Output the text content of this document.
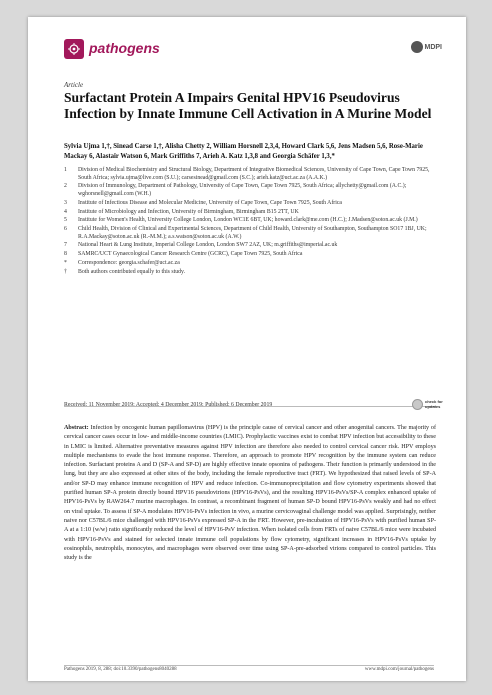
pathogens	MDPI
Article
Surfactant Protein A Impairs Genital HPV16 Pseudovirus Infection by Innate Immune Cell Activation in A Murine Model
Sylvia Ujma 1,†, Sinead Carse 1,†, Alisha Chetty 2, William Horsnell 2,3,4, Howard Clark 5,6, Jens Madsen 5,6, Rose-Marie Mackay 6, Alastair Watson 6, Mark Griffiths 7, Arieh A. Katz 1,3,8 and Georgia Schäfer 1,3,*
1 Division of Medical Biochemistry and Structural Biology, Department of Integrative Biomedical Sciences, University of Cape Town, Cape Town 7925, South Africa; sylvia.ujma@live.com (S.U.); carsesinead@gmail.com (S.C.); arieh.katz@uct.ac.za (A.A.K.)
2 Division of Immunology, Department of Pathology, University of Cape Town, Cape Town 7925, South Africa; allychetty@gmail.com (A.C.); wghorsnell@gmail.com (W.H.)
3 Institute of Infectious Disease and Molecular Medicine, University of Cape Town, Cape Town 7925, South Africa
4 Institute of Microbiology and Infection, University of Birmingham, Birmingham B15 2TT, UK
5 Institute for Women's Health, University College London, London WC1E 6BT, UK; howard.clark@me.com (H.C.); J.Madsen@soton.ac.uk (J.M.)
6 Child Health, Division of Clinical and Experimental Sciences, Department of Child Health, University of Southampton, Southampton SO17 1BJ, UK; R.A.Mackay@soton.ac.uk (R.-M.M.); a.s.watson@soton.ac.uk (A.W.)
7 National Heart & Lung Institute, Imperial College London, London SW7 2AZ, UK; m.griffiths@imperial.ac.uk
8 SAMRC/UCT Gynaecological Cancer Research Centre (GCRC), Cape Town 7925, South Africa
* Correspondence: georgia.schafer@uct.ac.za
† Both authors contributed equally to this study.
Received: 11 November 2019; Accepted: 4 December 2019; Published: 6 December 2019
check for
updates

Abstract: Infection by oncogenic human papillomavirus (HPV) is the principle cause of cervical cancer and other anogenital cancers. The majority of cervical cancer cases occur in low- and middle-income countries (LMIC). Prophylactic vaccines exist to combat HPV infection but accessibility to these in LMIC is limited. Alternative preventative measures against HPV infection are therefore also needed to control cervical cancer risk. HPV employs multiple mechanisms to evade the host immune response. Therefore, an approach to promote HPV recognition by the immune system can reduce infection. Surfactant proteins A and D (SP-A and SP-D) are highly effective innate opsonins of pathogens. Their function is primarily understood in the lung, but they are also expressed at other sites of the body, including the female reproductive tract (FRT). We hypothesized that raised levels of SP-A and/or SP-D may enhance immune recognition of HPV and reduce infection. Co-immunoprecipitation and flow cytometry experiments showed that purified human SP-A protein directly bound HPV16 pseudovirions (HPV16-PsVs), and the resulting HPV16-PsVs/SP-A complex enhanced uptake of HPV16-PsVs by RAW264.7 murine macrophages. In contrast, a recombinant fragment of human SP-D bound HPV16-PsVs weakly and had no effect on viral uptake. To assess if SP-A modulates HPV16-PsVs infection in vivo, a murine cervicovaginal challenge model was applied. Surprisingly, neither naive nor C57BL/6 mice challenged with HPV16-PsVs expressed SP-A in the FRT. However, pre-incubation of HPV16-PsVs with purified human SP-A at a 1:10 (w/w) ratio significantly reduced the level of HPV16-PsV infection. When isolated cells from FRTs of naive C57BL/6 mice were incubated with HPV16-PsVs and stained for selected innate immune cell populations by flow cytometry, significant increases in HPV16-PsVs uptake by eosinophils, neutrophils, monocytes, and macrophages were observed over time using SP-A-pre-adsorbed virions compared to control particles. This study is the

Pathogens 2019, 8, 288; doi:10.3390/pathogens8040288	www.mdpi.com/journal/pathogens
